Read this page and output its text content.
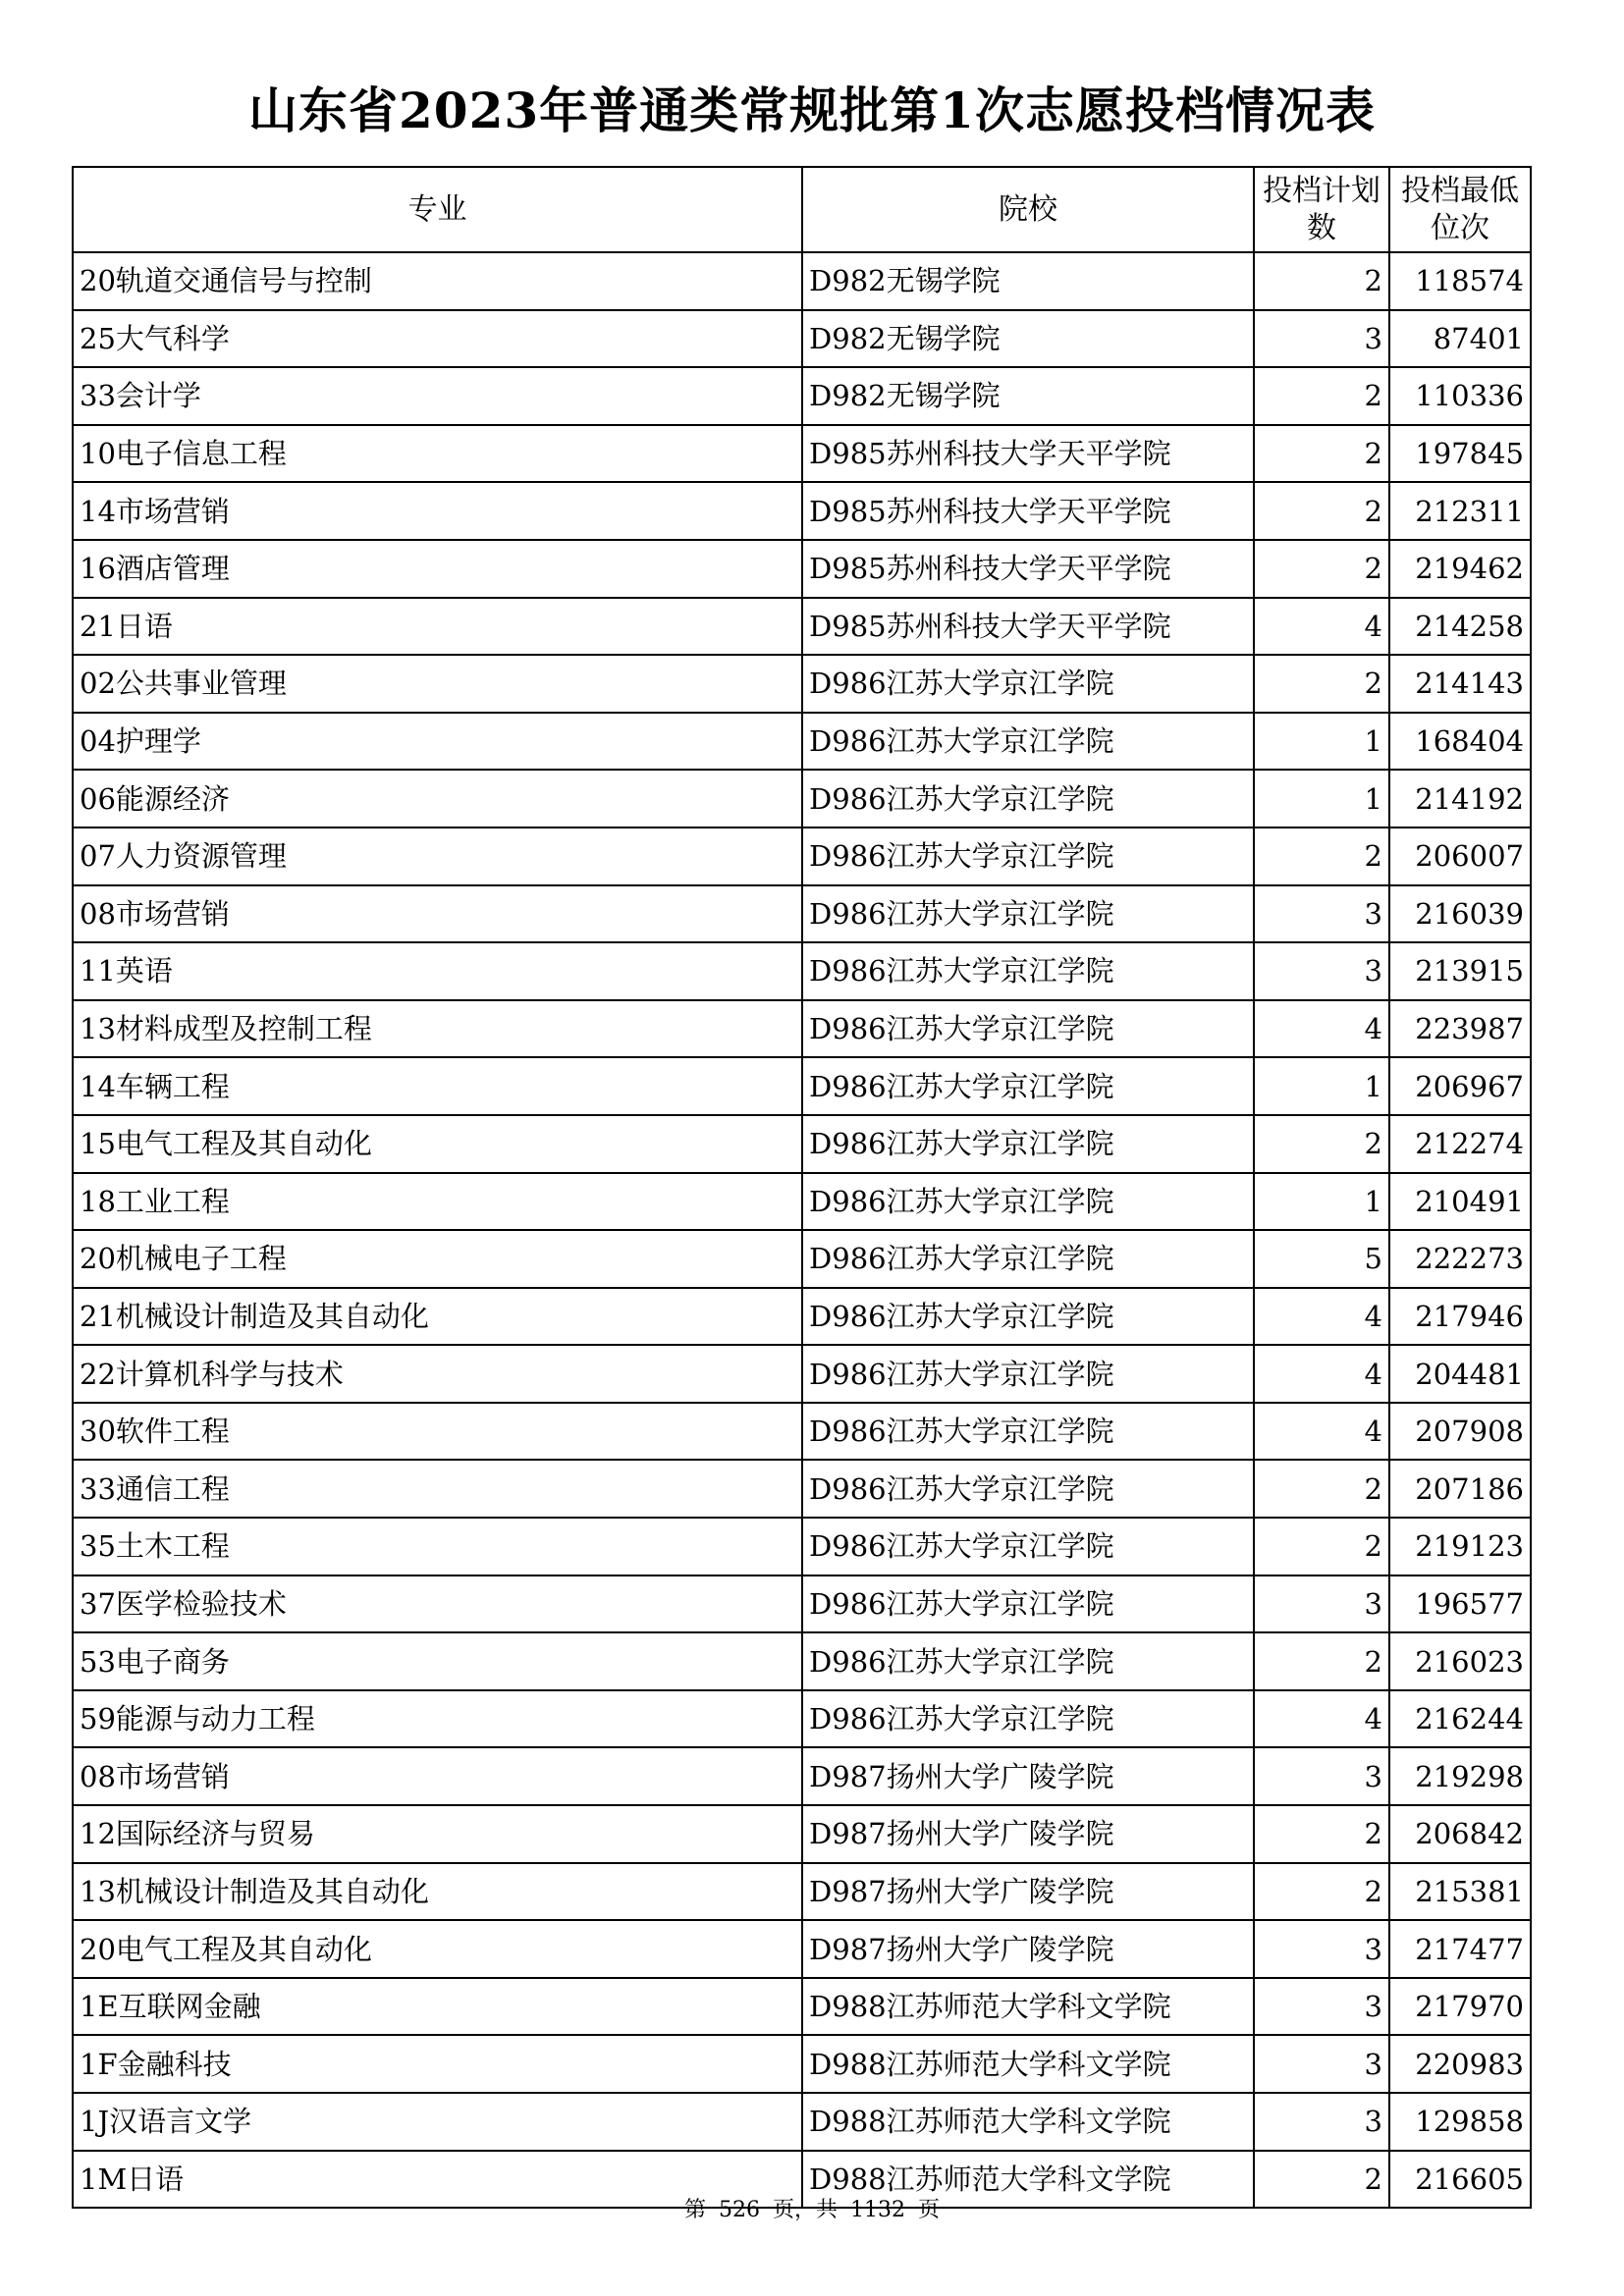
山东省2023年普通类常规批第1次志愿投档情况表
专业	院校	投档计划数	投档最低位次
20轨道交通信号与控制	D982无锡学院	2	118574
25大气科学	D982无锡学院	3	87401
33会计学	D982无锡学院	2	110336
10电子信息工程	D985苏州科技大学天平学院	2	197845
14市场营销	D985苏州科技大学天平学院	2	212311
16酒店管理	D985苏州科技大学天平学院	2	219462
21日语	D985苏州科技大学天平学院	4	214258
02公共事业管理	D986江苏大学京江学院	2	214143
04护理学	D986江苏大学京江学院	1	168404
06能源经济	D986江苏大学京江学院	1	214192
07人力资源管理	D986江苏大学京江学院	2	206007
08市场营销	D986江苏大学京江学院	3	216039
11英语	D986江苏大学京江学院	3	213915
13材料成型及控制工程	D986江苏大学京江学院	4	223987
14车辆工程	D986江苏大学京江学院	1	206967
15电气工程及其自动化	D986江苏大学京江学院	2	212274
18工业工程	D986江苏大学京江学院	1	210491
20机械电子工程	D986江苏大学京江学院	5	222273
21机械设计制造及其自动化	D986江苏大学京江学院	4	217946
22计算机科学与技术	D986江苏大学京江学院	4	204481
30软件工程	D986江苏大学京江学院	4	207908
33通信工程	D986江苏大学京江学院	2	207186
35土木工程	D986江苏大学京江学院	2	219123
37医学检验技术	D986江苏大学京江学院	3	196577
53电子商务	D986江苏大学京江学院	2	216023
59能源与动力工程	D986江苏大学京江学院	4	216244
08市场营销	D987扬州大学广陵学院	3	219298
12国际经济与贸易	D987扬州大学广陵学院	2	206842
13机械设计制造及其自动化	D987扬州大学广陵学院	2	215381
20电气工程及其自动化	D987扬州大学广陵学院	3	217477
1E互联网金融	D988江苏师范大学科文学院	3	217970
1F金融科技	D988江苏师范大学科文学院	3	220983
1J汉语言文学	D988江苏师范大学科文学院	3	129858
1M日语	D988江苏师范大学科文学院	2	216605
第 526 页，共 1132 页
